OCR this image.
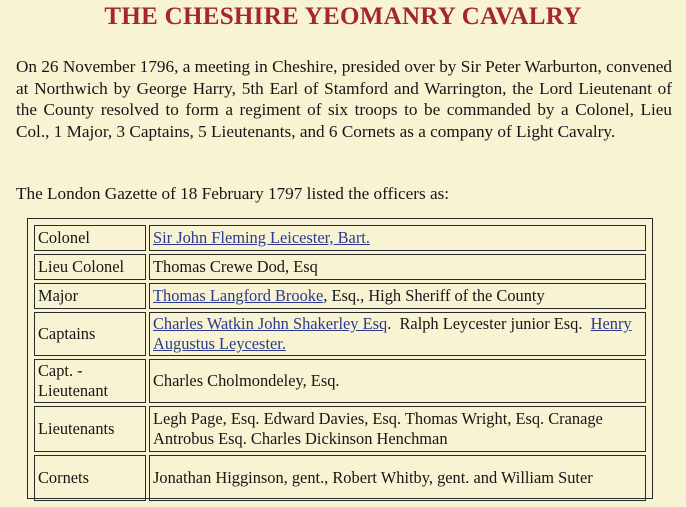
THE CHESHIRE YEOMANRY CAVALRY
On 26 November 1796, a meeting in Cheshire, presided over by Sir Peter Warburton, convened at Northwich by George Harry, 5th Earl of Stamford and Warrington, the Lord Lieutenant of the County resolved to form a regiment of six troops to be commanded by a Colonel, Lieu Col., 1 Major, 3 Captains, 5 Lieutenants, and 6 Cornets as a company of Light Cavalry.
The London Gazette of 18 February 1797 listed the officers as:
Colonel	Sir John Fleming Leicester, Bart.
Lieu Colonel	Thomas Crewe Dod, Esq
Major	Thomas Langford Brooke, Esq., High Sheriff of the County
Captains	Charles Watkin John Shakerley Esq.  Ralph Leycester junior Esq.  Henry Augustus Leycester.
Capt. -
Lieutenant	Charles Cholmondeley, Esq.
Lieutenants	Legh Page, Esq. Edward Davies, Esq. Thomas Wright, Esq. Cranage Antrobus Esq. Charles Dickinson Henchman
Cornets	Jonathan Higginson, gent., Robert Whitby, gent. and William Suter
